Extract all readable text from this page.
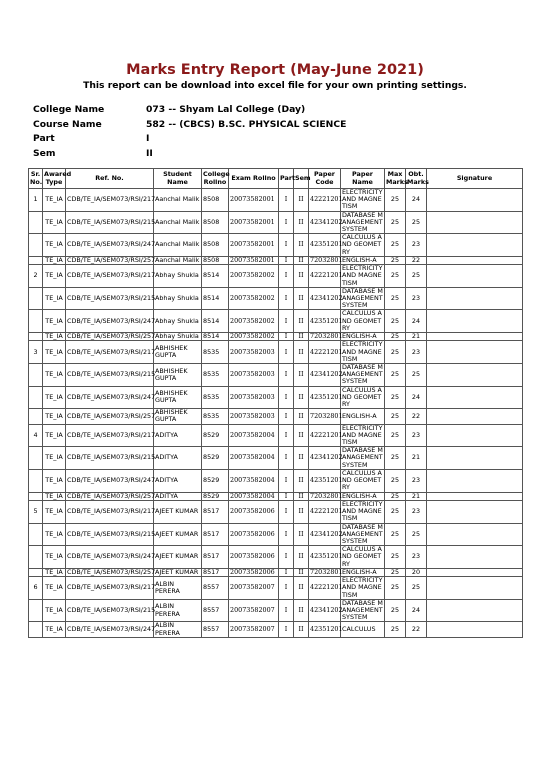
Marks Entry Report (May-June 2021)
This report can be download into excel file for your own printing settings.
College Name	073 -- Shyam Lal College (Day)
Course Name	582 -- (CBCS) B.SC. PHYSICAL SCIENCE
Part	I
Sem	II
Sr. No.	Awared Type	Ref. No.	Student Name	College Rollno	Exam Rollno	Part	Sem	Paper Code	Paper Name	Max Marks	Obt. Marks	Signature
1	TE_IA	CDB/TE_IA/SEM073/RSI/217	Aanchal Malik	8508	20073582001	I	II	42221201	ELECTRICITY AND MAGNETISM	25	24	
	TE_IA	CDB/TE_IA/SEM073/RSI/215	Aanchal Malik	8508	20073582001	I	II	42341202	DATABASE MANAGEMENT SYSTEM	25	25	
	TE_IA	CDB/TE_IA/SEM073/RSI/247	Aanchal Malik	8508	20073582001	I	II	42351201	CALCULUS AND GEOMETRY	25	23	
	TE_IA	CDB/TE_IA/SEM073/RSI/257	Aanchal Malik	8508	20073582001	I	II	72032801	ENGLISH-A	25	22	
2	TE_IA	CDB/TE_IA/SEM073/RSI/217	Abhay Shukla	8514	20073582002	I	II	42221201	ELECTRICITY AND MAGNETISM	25	25	
	TE_IA	CDB/TE_IA/SEM073/RSI/215	Abhay Shukla	8514	20073582002	I	II	42341202	DATABASE MANAGEMENT SYSTEM	25	23	
	TE_IA	CDB/TE_IA/SEM073/RSI/247	Abhay Shukla	8514	20073582002	I	II	42351201	CALCULUS AND GEOMETRY	25	24	
	TE_IA	CDB/TE_IA/SEM073/RSI/257	Abhay Shukla	8514	20073582002	I	II	72032801	ENGLISH-A	25	21	
3	TE_IA	CDB/TE_IA/SEM073/RSI/217	ABHISHEK GUPTA	8535	20073582003	I	II	42221201	ELECTRICITY AND MAGNETISM	25	23	
	TE_IA	CDB/TE_IA/SEM073/RSI/215	ABHISHEK GUPTA	8535	20073582003	I	II	42341202	DATABASE MANAGEMENT SYSTEM	25	25	
	TE_IA	CDB/TE_IA/SEM073/RSI/247	ABHISHEK GUPTA	8535	20073582003	I	II	42351201	CALCULUS AND GEOMETRY	25	24	
	TE_IA	CDB/TE_IA/SEM073/RSI/257	ABHISHEK GUPTA	8535	20073582003	I	II	72032801	ENGLISH-A	25	22	
4	TE_IA	CDB/TE_IA/SEM073/RSI/217	ADITYA	8529	20073582004	I	II	42221201	ELECTRICITY AND MAGNETISM	25	23	
	TE_IA	CDB/TE_IA/SEM073/RSI/215	ADITYA	8529	20073582004	I	II	42341202	DATABASE MANAGEMENT SYSTEM	25	21	
	TE_IA	CDB/TE_IA/SEM073/RSI/247	ADITYA	8529	20073582004	I	II	42351201	CALCULUS AND GEOMETRY	25	23	
	TE_IA	CDB/TE_IA/SEM073/RSI/257	ADITYA	8529	20073582004	I	II	72032801	ENGLISH-A	25	21	
5	TE_IA	CDB/TE_IA/SEM073/RSI/217	AJEET KUMAR	8517	20073582006	I	II	42221201	ELECTRICITY AND MAGNETISM	25	23	
	TE_IA	CDB/TE_IA/SEM073/RSI/215	AJEET KUMAR	8517	20073582006	I	II	42341202	DATABASE MANAGEMENT SYSTEM	25	25	
	TE_IA	CDB/TE_IA/SEM073/RSI/247	AJEET KUMAR	8517	20073582006	I	II	42351201	CALCULUS AND GEOMETRY	25	23	
	TE_IA	CDB/TE_IA/SEM073/RSI/257	AJEET KUMAR	8517	20073582006	I	II	72032801	ENGLISH-A	25	20	
6	TE_IA	CDB/TE_IA/SEM073/RSI/217	ALBIN PERERA	8557	20073582007	I	II	42221201	ELECTRICITY AND MAGNETISM	25	25	
	TE_IA	CDB/TE_IA/SEM073/RSI/215	ALBIN PERERA	8557	20073582007	I	II	42341202	DATABASE MANAGEMENT SYSTEM	25	24	
	TE_IA	CDB/TE_IA/SEM073/RSI/247	ALBIN PERERA	8557	20073582007	I	II	42351201	CALCULUS	25	22	
